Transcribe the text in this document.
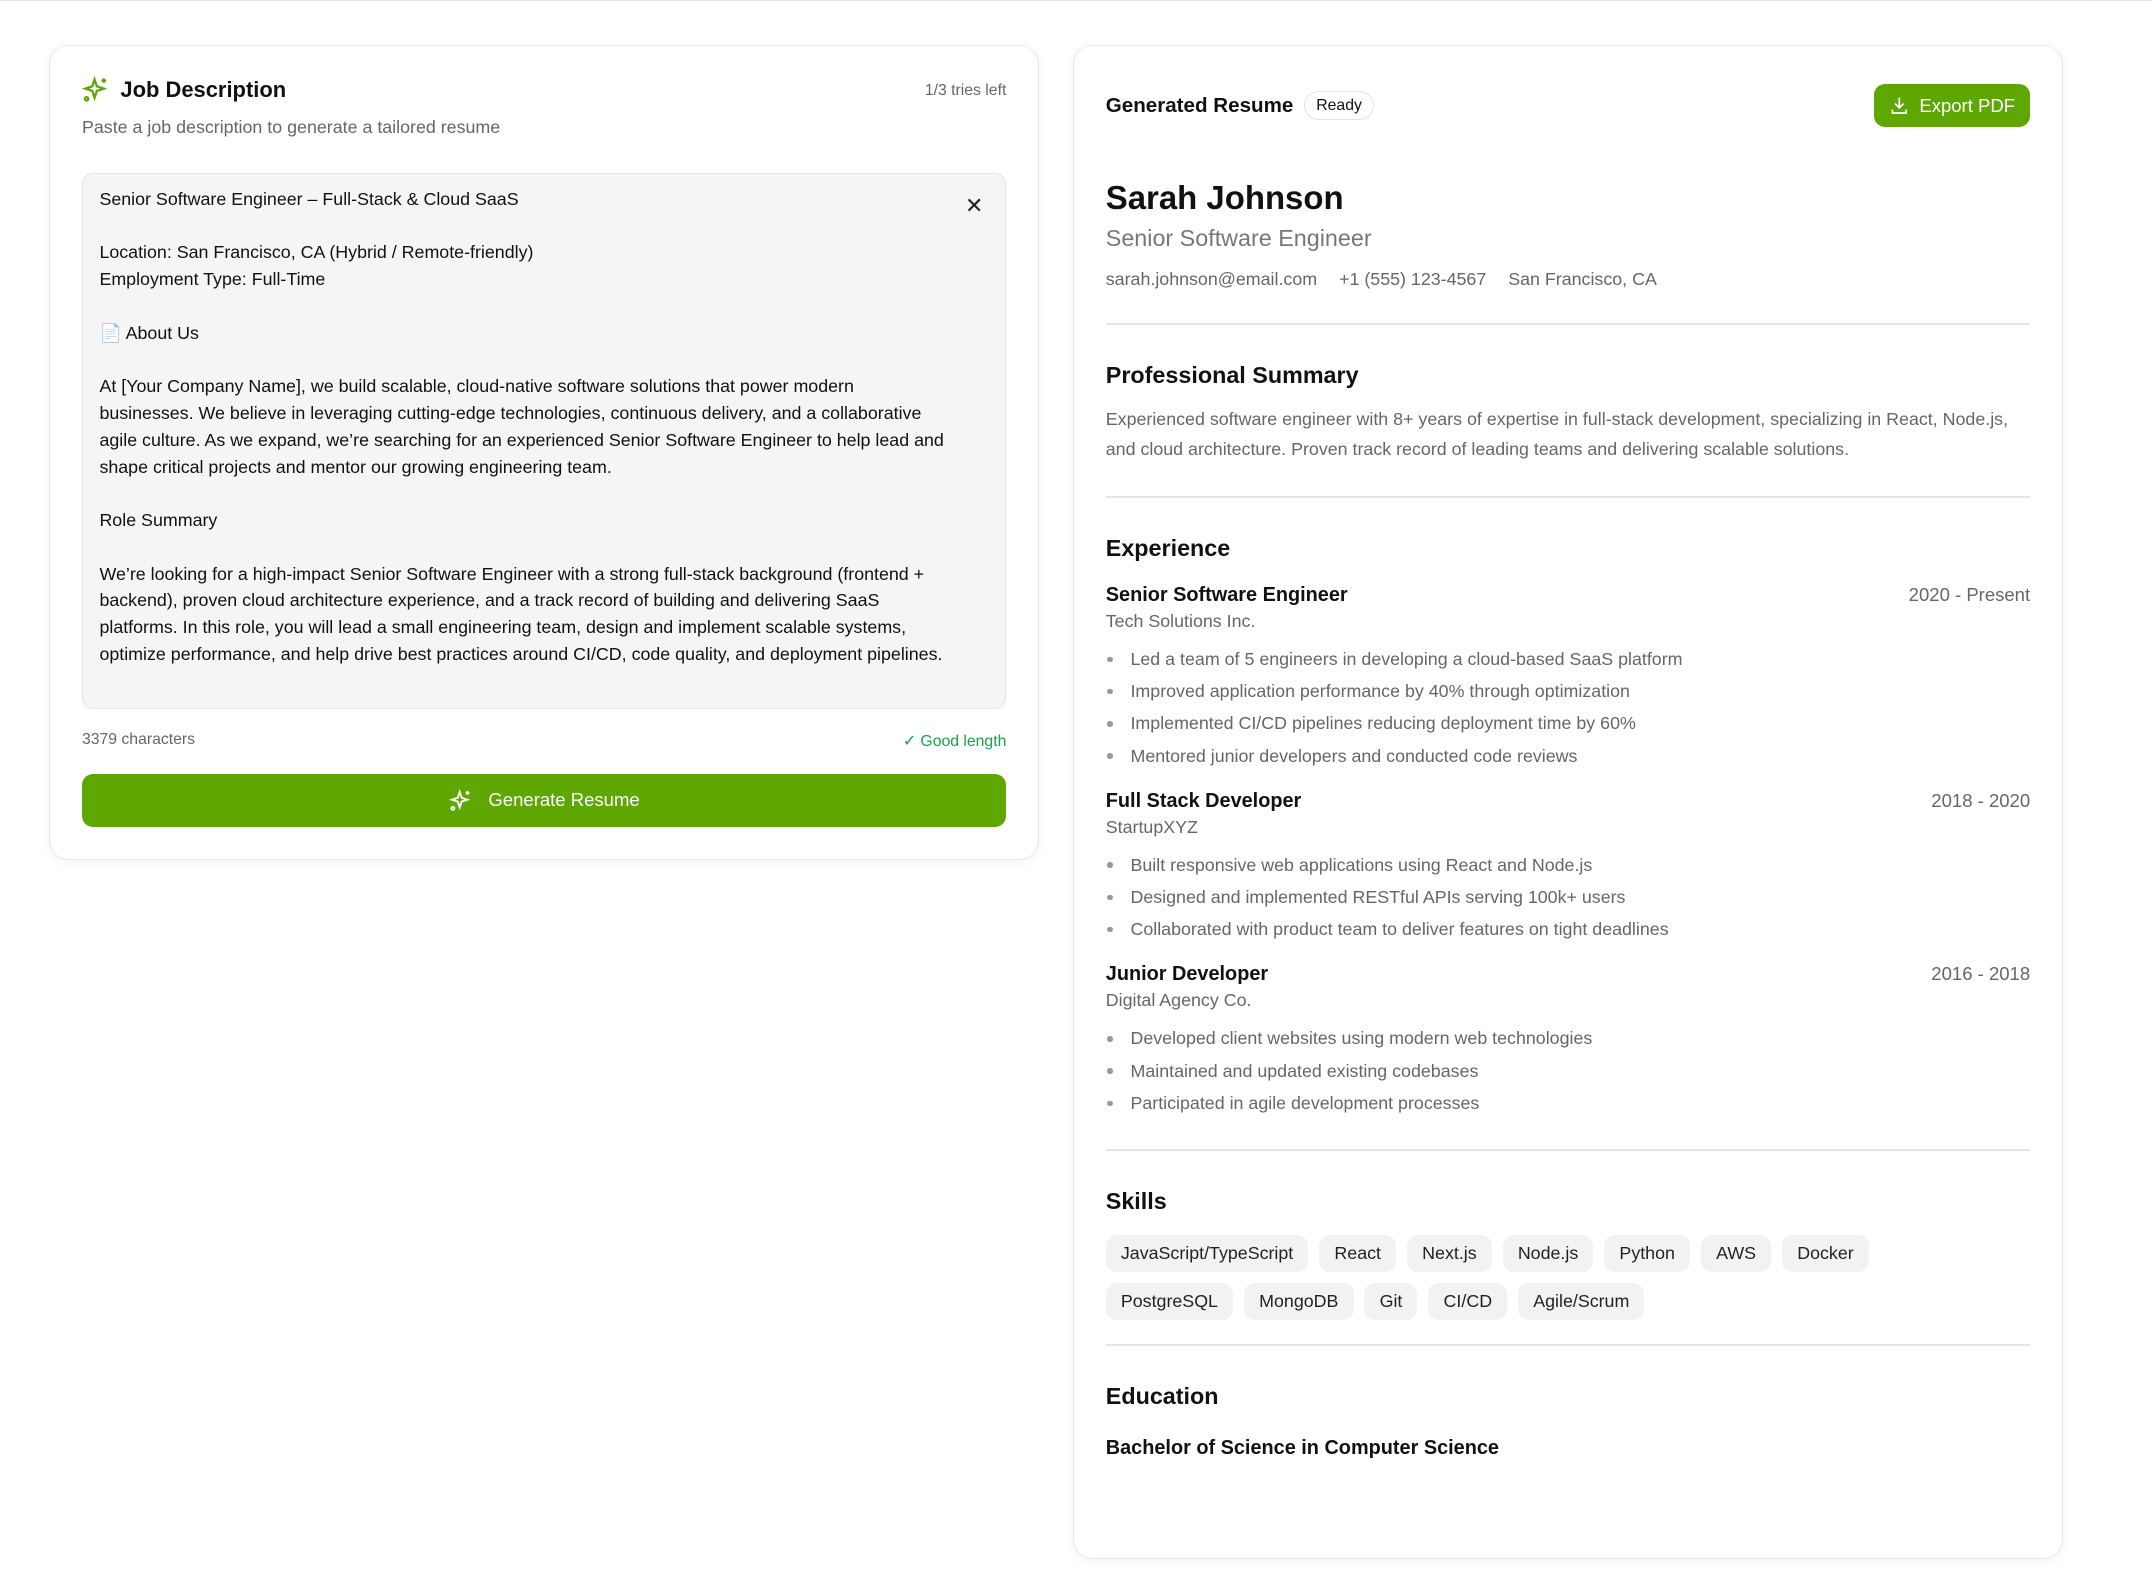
Job Description	1/3 tries left
Paste a job description to generate a tailored resume

Senior Software Engineer – Full-Stack & Cloud SaaS

Location: San Francisco, CA (Hybrid / Remote-friendly)

Employment Type: Full-Time

📄 About Us

At [Your Company Name], we build scalable, cloud-native software solutions that power modern businesses. We believe in leveraging cutting-edge technologies, continuous delivery, and a collaborative agile culture. As we expand, we’re searching for an experienced Senior Software Engineer to help lead and shape critical projects and mentor our growing engineering team.

Role Summary

We’re looking for a high-impact Senior Software Engineer with a strong full-stack background (frontend + backend), proven cloud architecture experience, and a track record of building and delivering SaaS platforms. In this role, you will lead a small engineering team, design and implement scalable systems, optimize performance, and help drive best practices around CI/CD, code quality, and deployment pipelines.

✕
3379 characters	✓ Good length
Generate Resume
Generated Resume	Ready	Export PDF
Sarah Johnson
Senior Software Engineer
sarah.johnson@email.com +1 (555) 123-4567 San Francisco, CA
Professional Summary
Experienced software engineer with 8+ years of expertise in full-stack development, specializing in React, Node.js, and cloud architecture. Proven track record of leading teams and delivering scalable solutions.
Experience
Senior Software Engineer	2020 - Present
Tech Solutions Inc.
Led a team of 5 engineers in developing a cloud-based SaaS platform
Improved application performance by 40% through optimization
Implemented CI/CD pipelines reducing deployment time by 60%
Mentored junior developers and conducted code reviews
Full Stack Developer	2018 - 2020
StartupXYZ
Built responsive web applications using React and Node.js
Designed and implemented RESTful APIs serving 100k+ users
Collaborated with product team to deliver features on tight deadlines
Junior Developer	2016 - 2018
Digital Agency Co.
Developed client websites using modern web technologies
Maintained and updated existing codebases
Participated in agile development processes
Skills
JavaScript/TypeScript	React	Next.js	Node.js	Python	AWS	Docker
PostgreSQL	MongoDB	Git	CI/CD	Agile/Scrum
Education
Bachelor of Science in Computer Science
